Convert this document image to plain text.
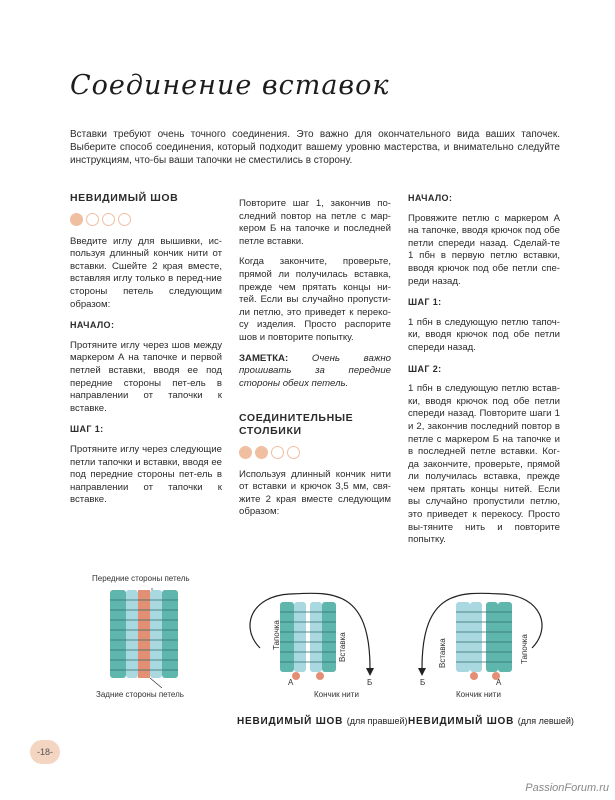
Соединение вставок
Вставки требуют очень точного соединения. Это важно для окончательного вида ваших тапочек. Выберите способ соединения, который подходит вашему уровню мастерства, и внимательно следуйте инструкциям, что-бы ваши тапочки не сместились в сторону.
НЕВИДИМЫЙ ШОВ

Введите иглу для вышивки, ис-пользуя длинный кончик нити от вставки. Сшейте 2 края вместе, вставляя иглу только в перед-ние стороны петель следующим образом:

НАЧАЛО:

Протяните иглу через шов между маркером А на тапочке и первой петлей вставки, вводя ее под передние стороны пет-ель в направлении от тапочки к вставке.

ШАГ 1:

Протяните иглу через следующие петли тапочки и вставки, вводя ее под передние стороны пет-ель в направлении от тапочки к вставке.

Повторите шаг 1, закончив по-следний повтор на петле с мар-кером Б на тапочке и последней петле вставки.

Когда закончите, проверьте, прямой ли получилась вставка, прежде чем прятать концы ни-тей. Если вы случайно пропусти-ли петлю, это приведет к переко-су изделия. Просто распорите шов и повторите попытку.

ЗАМЕТКА: Очень важно прошивать за передние стороны обеих петель.

СОЕДИНИТЕЛЬНЫЕ СТОЛБИКИ

Используя длинный кончик нити от вставки и крючок 3,5 мм, свя-жите 2 края вместе следующим образом:

НАЧАЛО:

Провяжите петлю с маркером А на тапочке, вводя крючок под обе петли спереди назад. Сделай-те 1 пбн в первую петлю вставки, вводя крючок под обе петли спе-реди назад.

ШАГ 1:

1 пбн в следующую петлю тапоч-ки, вводя крючок под обе петли спереди назад.

ШАГ 2:

1 пбн в следующую петлю встав-ки, вводя крючок под обе петли спереди назад. Повторите шаги 1 и 2, закончив последний повтор в петле с маркером Б на тапочке и в последней петле вставки. Ког-да закончите, проверьте, прямой ли получилась вставка, прежде чем прятать концы нитей. Если вы случайно пропустили петлю, это приведет к перекосу. Просто вы-тяните нить и повторите попытку.

Передние стороны петель
Задние стороны петель
Тапочка	Вставка
А	Б
Кончик нити
НЕВИДИМЫЙ ШОВ (для правшей)
Б
Вставка	Тапочка
А
Кончик нити
НЕВИДИМЫЙ ШОВ (для левшей)
-18-
PassionForum.ru
